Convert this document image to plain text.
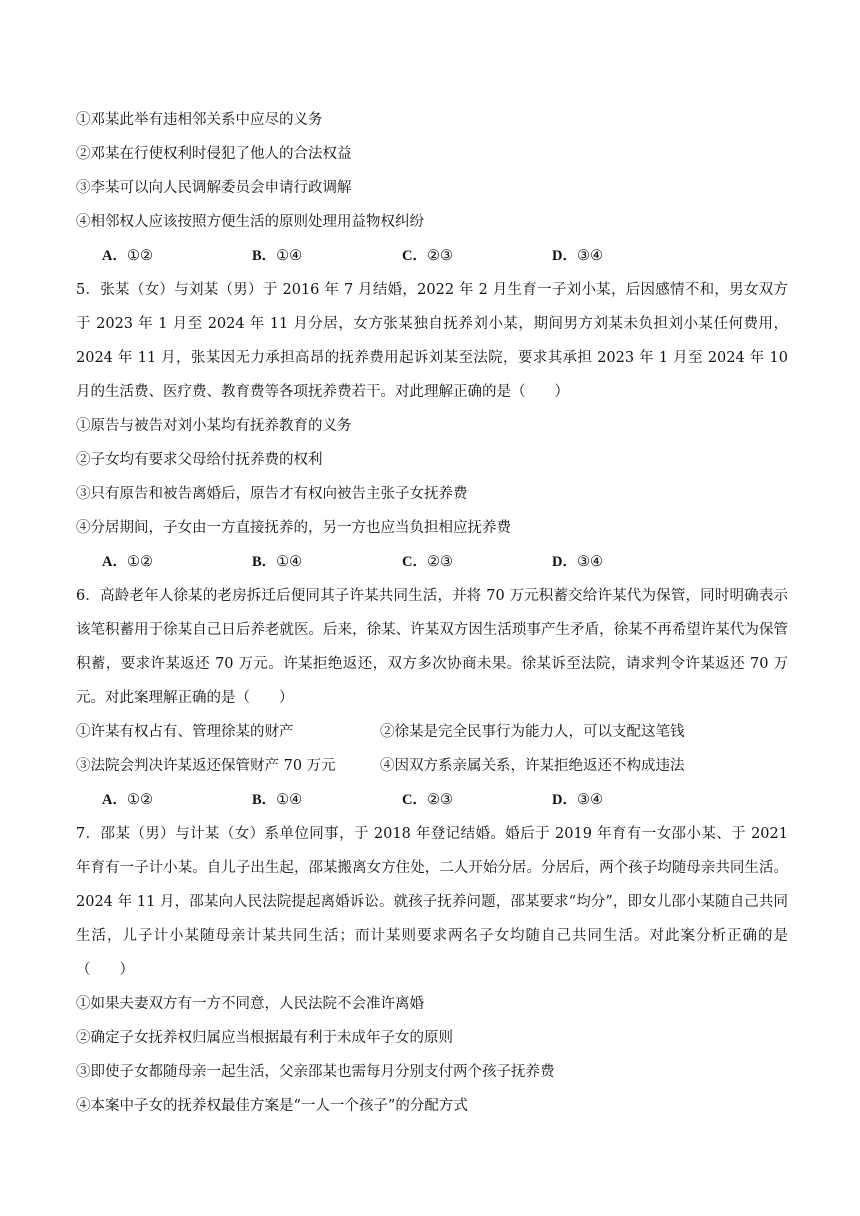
①邓某此举有违相邻关系中应尽的义务
②邓某在行使权利时侵犯了他人的合法权益
③李某可以向人民调解委员会申请行政调解
④相邻权人应该按照方便生活的原则处理用益物权纠纷
A．①②	B．①④	C．②③	D．③④
5．张某（女）与刘某（男）于 2016 年 7 月结婚，2022 年 2 月生育一子刘小某，后因感情不和，男女双方于 2023 年 1 月至 2024 年 11 月分居，女方张某独自抚养刘小某，期间男方刘某未负担刘小某任何费用，2024 年 11 月，张某因无力承担高昂的抚养费用起诉刘某至法院，要求其承担 2023 年 1 月至 2024 年 10 月的生活费、医疗费、教育费等各项抚养费若干。对此理解正确的是（　　）
①原告与被告对刘小某均有抚养教育的义务
②子女均有要求父母给付抚养费的权利
③只有原告和被告离婚后，原告才有权向被告主张子女抚养费
④分居期间，子女由一方直接抚养的，另一方也应当负担相应抚养费
A．①②	B．①④	C．②③	D．③④
6．高龄老年人徐某的老房拆迁后便同其子许某共同生活，并将 70 万元积蓄交给许某代为保管，同时明确表示该笔积蓄用于徐某自己日后养老就医。后来，徐某、许某双方因生活琐事产生矛盾，徐某不再希望许某代为保管积蓄，要求许某返还 70 万元。许某拒绝返还，双方多次协商未果。徐某诉至法院，请求判令许某返还 70 万元。对此案理解正确的是（　　）
①许某有权占有、管理徐某的财产	②徐某是完全民事行为能力人，可以支配这笔钱
③法院会判决许某返还保管财产 70 万元	④因双方系亲属关系，许某拒绝返还不构成违法
A．①②	B．①④	C．②③	D．③④
7．邵某（男）与计某（女）系单位同事，于 2018 年登记结婚。婚后于 2019 年育有一女邵小某、于 2021 年育有一子计小某。自儿子出生起，邵某搬离女方住处，二人开始分居。分居后，两个孩子均随母亲共同生活。2024 年 11 月，邵某向人民法院提起离婚诉讼。就孩子抚养问题，邵某要求“均分”，即女儿邵小某随自己共同生活，儿子计小某随母亲计某共同生活；而计某则要求两名子女均随自己共同生活。对此案分析正确的是（　　）
①如果夫妻双方有一方不同意，人民法院不会准许离婚
②确定子女抚养权归属应当根据最有利于未成年子女的原则
③即使子女都随母亲一起生活，父亲邵某也需每月分别支付两个孩子抚养费
④本案中子女的抚养权最佳方案是“一人一个孩子”的分配方式
